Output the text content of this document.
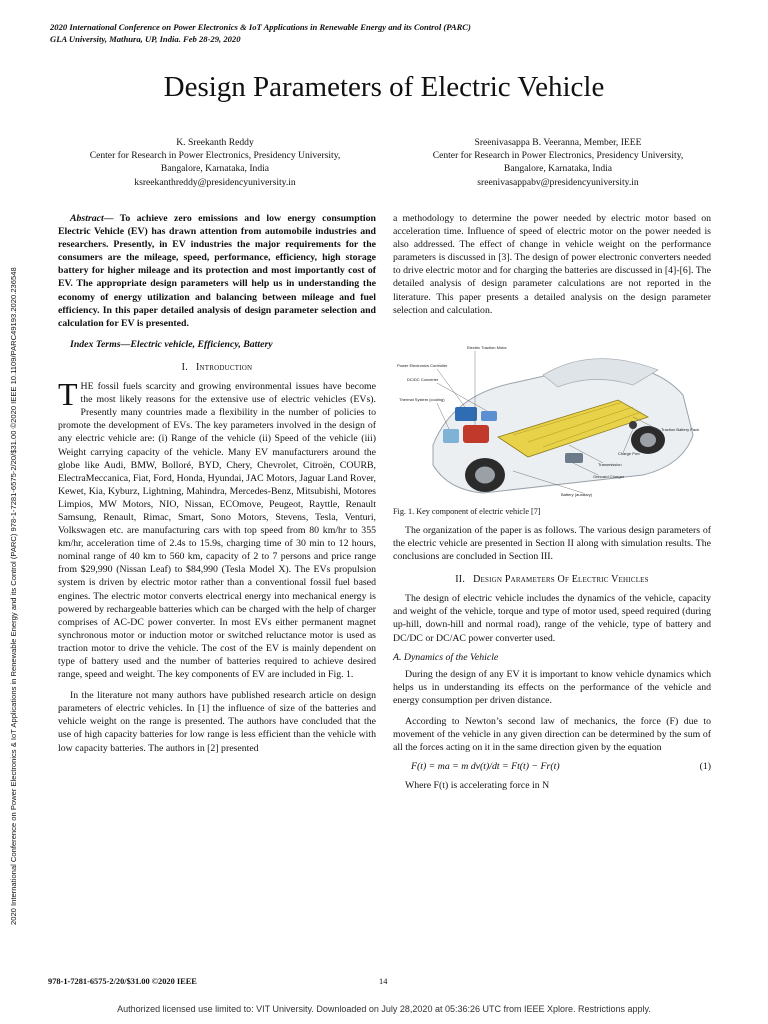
2020 International Conference on Power Electronics & IoT Applications in Renewable Energy and its Control (PARC)
GLA University, Mathura, UP, India. Feb 28-29, 2020
2020 International Conference on Power Electronics & IoT Applications in Renewable Energy and its Control (PARC) 978-1-7281-6575-2/20/$31.00 ©2020 IEEE 10.1109/PARC49193.2020.236548
Design Parameters of Electric Vehicle
K. Sreekanth Reddy
Center for Research in Power Electronics, Presidency University,
Bangalore, Karnataka, India
ksreekanthreddy@presidencyuniversity.in
Sreenivasappa B. Veeranna, Member, IEEE
Center for Research in Power Electronics, Presidency University,
Bangalore, Karnataka, India
sreenivasappabv@presidencyuniversity.in

Abstract— To achieve zero emissions and low energy consumption Electric Vehicle (EV) has drawn attention from automobile industries and researchers. Presently, in EV industries the major requirements for the consumers are the mileage, speed, performance, efficiency, high storage battery for higher mileage and its protection and most importantly cost of EV. The appropriate design parameters will help us in understanding the economy of energy utilization and balancing between mileage and fuel efficiency. In this paper detailed analysis of design parameter selection and calculation for EV is presented.

Index Terms—Electric vehicle, Efficiency, Battery

I. Introduction

THE fossil fuels scarcity and growing environmental issues have become the most likely reasons for the extensive use of electric vehicles (EVs). Presently many countries made a flexibility in the number of policies to promote the development of EVs. The key parameters involved in the design of any electric vehicle are: (i) Range of the vehicle (ii) Speed of the vehicle (iii) Weight carrying capacity of the vehicle. Many EV manufacturers around the globe like Audi, BMW, Bolloré, BYD, Chery, Chevrolet, Citroën, COURB, ElectraMeccanica, Fiat, Ford, Honda, Hyundai, JAC Motors, Jaguar Land Rover, Kewet, Kia, Kyburz, Lightning, Mahindra, Mercedes-Benz, Mitsubishi, Motores Limpios, MW Motors, NIO, Nissan, ECOmove, Peugeot, Rayttle, Renault Samsung, Renault, Rimac, Smart, Sono Motors, Stevens, Tesla, Venturi, Volkswagen etc. are manufacturing cars with top speed from 80 km/hr to 355 km/hr, acceleration time of 2.4s to 15.9s, charging time of 30 min to 12 hours, nominal range of 40 km to 560 km, capacity of 2 to 7 persons and price range from $29,990 (Nissan Leaf) to $84,990 (Tesla Model X). The EVs propulsion system is driven by electric motor rather than a conventional fossil fuel based engines. The electric motor converts electrical energy into mechanical energy is powered by rechargeable batteries which can be charged with the help of charger comprises of AC-DC power converter. In most EVs either permanent magnet synchronous motor or induction motor or switched reluctance motor is used as traction motor to drive the vehicle. The cost of the EV is mainly dependent on type of battery used and the number of batteries required to achieve desired range, speed and weight. The key components of EV are included in Fig. 1.

In the literature not many authors have published research article on design parameters of electric vehicles. In [1] the influence of size of the batteries and vehicle weight on the range is presented. The authors have concluded that the use of high capacity batteries for low range is less efficient than the vehicle with low capacity batteries. The authors in [2] presented

a methodology to determine the power needed by electric motor based on acceleration time. Influence of speed of electric motor on the power needed is also addressed. The effect of change in vehicle weight on the performance parameters is discussed in [3]. The design of power electronic converters needed to drive electric motor and for charging the batteries are discussed in [4]-[6]. The detailed analysis of design parameter calculations are not reported in the literature. This paper presents a detailed analysis on the design parameter selection and calculation.

Electric Traction Motor
Power Electronics Controller
DC/DC Converter
Thermal System (cooling)
Traction Battery Pack
Charge Port
Transmission
Onboard Charger
Battery (auxiliary)

Fig. 1. Key component of electric vehicle [7]

The organization of the paper is as follows. The various design parameters of the electric vehicle are presented in Section II along with simulation results. The conclusions are concluded in Section III.

II. Design Parameters Of Electric Vehicles

The design of electric vehicle includes the dynamics of the vehicle, capacity and weight of the vehicle, torque and type of motor used, speed required (during up-hill, down-hill and normal road), range of the vehicle, type of battery and DC/DC or DC/AC power converter used.

A. Dynamics of the Vehicle

During the design of any EV it is important to know vehicle dynamics which helps us in understanding its effects on the performance of the vehicle and energy consumption per driven distance.

According to Newton’s second law of mechanics, the force (F) due to movement of the vehicle in any given direction can be determined by the sum of all the forces acting on it in the same direction given by the equation

F(t) = ma = m dv(t)/dt = Ft(t) − Fr(t)	(1)

Where F(t) is accelerating force in N

978-1-7281-6575-2/20/$31.00 ©2020 IEEE	14
Authorized licensed use limited to: VIT University. Downloaded on July 28,2020 at 05:36:26 UTC from IEEE Xplore. Restrictions apply.
